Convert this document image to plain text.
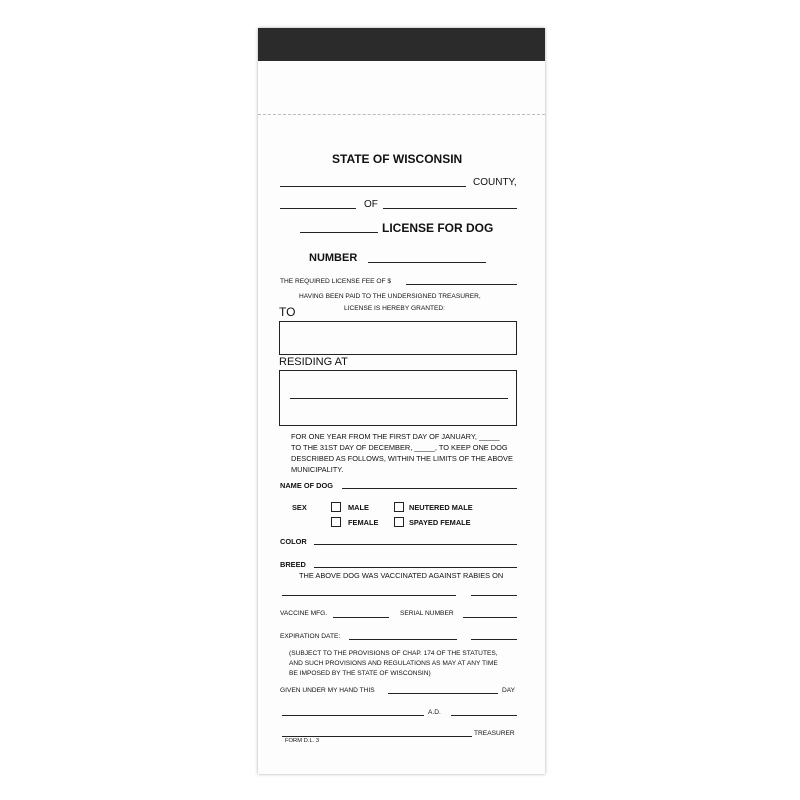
STATE OF WISCONSIN
COUNTY,
OF
LICENSE FOR DOG
NUMBER
THE REQUIRED LICENSE FEE OF $
HAVING BEEN PAID TO THE UNDERSIGNED TREASURER,
TO	LICENSE IS HEREBY GRANTED:
RESIDING AT
FOR ONE YEAR FROM THE FIRST DAY OF JANUARY, _____
TO THE 31ST DAY OF DECEMBER, _____, TO KEEP ONE DOG
DESCRIBED AS FOLLOWS, WITHIN THE LIMITS OF THE ABOVE
MUNICIPALITY.
NAME OF DOG
SEX	MALE	NEUTERED MALE
FEMALE	SPAYED FEMALE
COLOR
BREED
THE ABOVE DOG WAS VACCINATED AGAINST RABIES ON
VACCINE MFG.	SERIAL NUMBER
EXPIRATION DATE:
(SUBJECT TO THE PROVISIONS OF CHAP. 174 OF THE STATUTES,
AND SUCH PROVISIONS AND REGULATIONS AS MAY AT ANY TIME
BE IMPOSED BY THE STATE OF WISCONSIN)
GIVEN UNDER MY HAND THIS	DAY
A.D.
TREASURER
FORM D.L. 3
